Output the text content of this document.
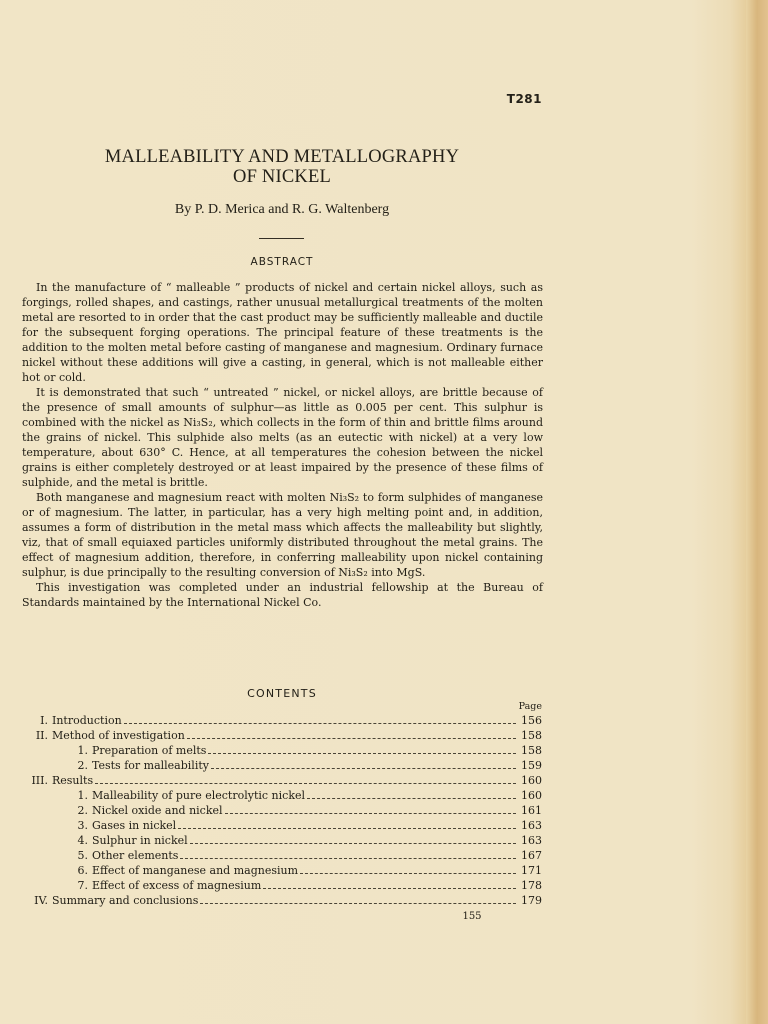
T281
MALLEABILITY AND METALLOGRAPHY
OF NICKEL
By P. D. Merica and R. G. Waltenberg
ABSTRACT

In the manufacture of “ malleable ” products of nickel and certain nickel alloys, such as forgings, rolled shapes, and castings, rather unusual metallurgical treatments of the molten metal are resorted to in order that the cast product may be sufficiently malleable and ductile for the subsequent forging operations. The principal feature of these treatments is the addition to the molten metal before casting of manganese and magnesium. Ordinary furnace nickel without these additions will give a casting, in general, which is not malleable either hot or cold.

It is demonstrated that such “ untreated ” nickel, or nickel alloys, are brittle because of the presence of small amounts of sulphur—as little as 0.005 per cent. This sulphur is combined with the nickel as Ni₃S₂, which collects in the form of thin and brittle films around the grains of nickel. This sulphide also melts (as an eutectic with nickel) at a very low temperature, about 630° C. Hence, at all temperatures the cohesion between the nickel grains is either completely destroyed or at least impaired by the presence of these films of sulphide, and the metal is brittle.

Both manganese and magnesium react with molten Ni₃S₂ to form sulphides of manganese or of magnesium. The latter, in particular, has a very high melting point and, in addition, assumes a form of distribution in the metal mass which affects the malleability but slightly, viz, that of small equiaxed particles uniformly distributed throughout the metal grains. The effect of magnesium addition, therefore, in conferring malleability upon nickel containing sulphur, is due principally to the resulting conversion of Ni₃S₂ into MgS.

This investigation was completed under an industrial fellowship at the Bureau of Standards maintained by the International Nickel Co.

CONTENTS
Page
I. Introduction	156
II. Method of investigation	158
1. Preparation of melts	158
2. Tests for malleability	159
III. Results	160
1. Malleability of pure electrolytic nickel	160
2. Nickel oxide and nickel	161
3. Gases in nickel	163
4. Sulphur in nickel	163
5. Other elements	167
6. Effect of manganese and magnesium	171
7. Effect of excess of magnesium	178
IV. Summary and conclusions	179
155
